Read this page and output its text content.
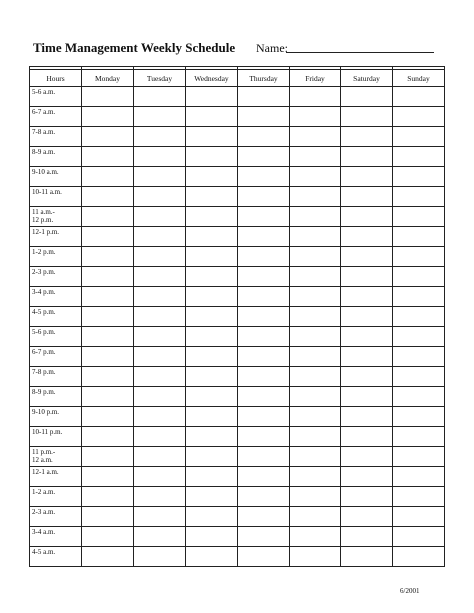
Time Management Weekly Schedule Name:

Hours	Monday	Tuesday	Wednesday	Thursday	Friday	Saturday	Sunday

5-6 a.m.							

6-7 a.m.							

7-8 a.m.							

8-9 a.m.							

9-10 a.m.							

10-11 a.m.							

11 a.m.-
12 p.m.							

12-1 p.m.							

1-2 p.m.							

2-3 p.m.							

3-4 p.m.							

4-5 p.m.							

5-6 p.m.							

6-7 p.m.							

7-8 p.m.							

8-9 p.m.							

9-10 p.m.							

10-11 p.m.							

11 p.m.-
12 a.m.							

12-1 a.m.							

1-2 a.m.							

2-3 a.m.							

3-4 a.m.							

4-5 a.m.							

6/2001
